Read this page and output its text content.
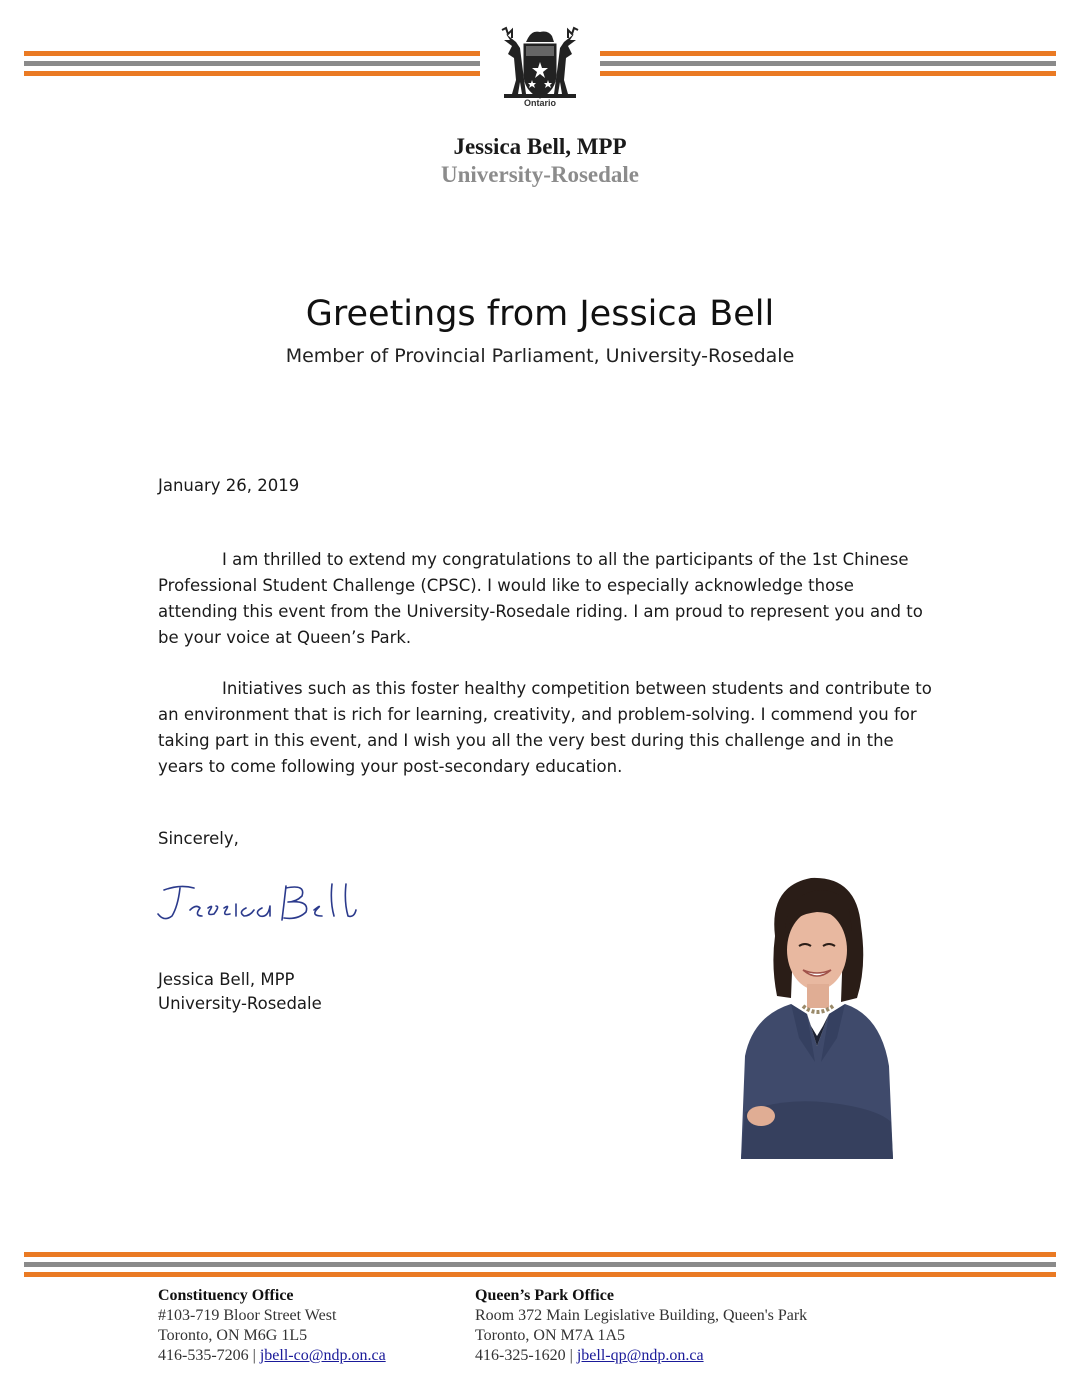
Ontario
Jessica Bell, MPP
University-Rosedale
Greetings from Jessica Bell
Member of Provincial Parliament, University-Rosedale
January 26, 2019
I am thrilled to extend my congratulations to all the participants of the 1st Chinese Professional Student Challenge (CPSC). I would like to especially acknowledge those attending this event from the University-Rosedale riding. I am proud to represent you and to be your voice at Queen’s Park.
Initiatives such as this foster healthy competition between students and contribute to an environment that is rich for learning, creativity, and problem-solving. I commend you for taking part in this event, and I wish you all the very best during this challenge and in the years to come following your post-secondary education.
Sincerely,
Jessica Bell, MPP
University-Rosedale
Constituency Office
#103-719 Bloor Street West
Toronto, ON M6G 1L5
416-535-7206 | jbell-co@ndp.on.ca
Queen’s Park Office
Room 372 Main Legislative Building, Queen's Park
Toronto, ON M7A 1A5
416-325-1620 | jbell-qp@ndp.on.ca
